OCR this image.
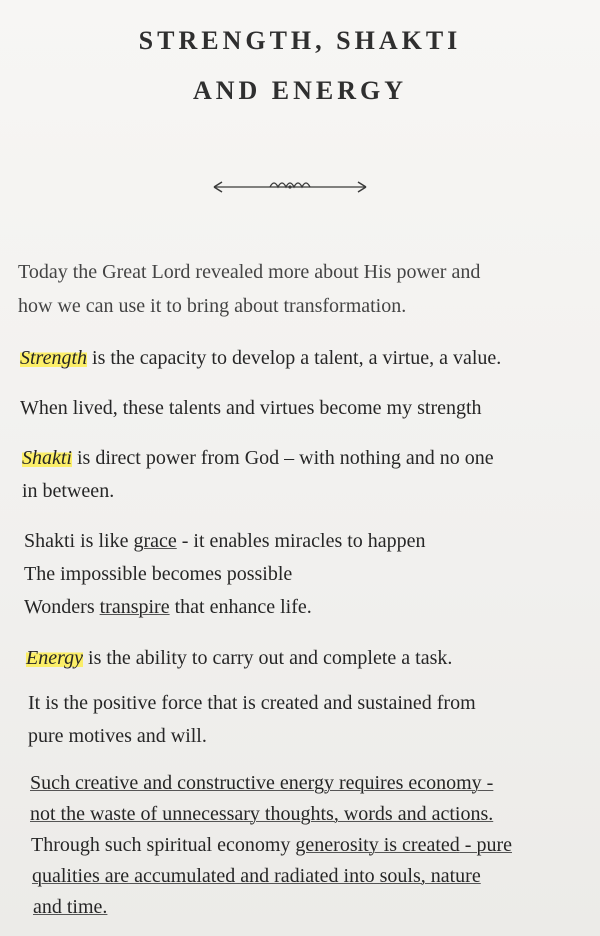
STRENGTH, SHAKTI
AND ENERGY
Today the Great Lord revealed more about His power and
how we can use it to bring about transformation.
Strength is the capacity to develop a talent, a virtue, a value.
When lived, these talents and virtues become my strength
Shakti is direct power from God – with nothing and no one
in between.
Shakti is like grace - it enables miracles to happen
The impossible becomes possible
Wonders transpire that enhance life.
Energy is the ability to carry out and complete a task.
It is the positive force that is created and sustained from
pure motives and will.
Such creative and constructive energy requires economy -
not the waste of unnecessary thoughts, words and actions.
Through such spiritual economy generosity is created - pure
qualities are accumulated and radiated into souls, nature
and time.
